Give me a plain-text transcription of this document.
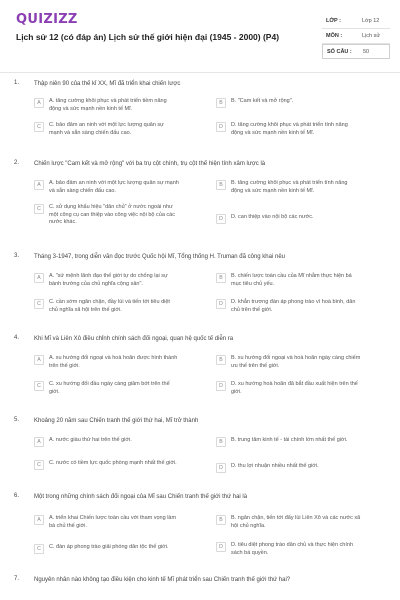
QUIZIZZ
Lịch sử 12 (có đáp án) Lịch sử thế giới hiện đại (1945 - 2000) (P4)
LỚP :	Lớp 12
MÔN :	Lịch sử
SỐ CÂU : 50
1. Thập niên 90 của thế kỉ XX, Mĩ đã triển khai chiến lược
A	A. tăng cường khôi phục và phát triển tiềm năng động và sức mạnh nền kinh tế Mĩ.
B	B. "Cam kết và mở rộng".
C	C. bảo đảm an ninh với một lực lượng quân sự mạnh và sẵn sàng chiến đấu cao.
D	D. tăng cường khôi phục và phát triển tính năng động và sức mạnh nền kinh tế Mĩ.
2. Chiến lược "Cam kết và mở rộng" với ba trụ cột chính, trụ cột thế hiện tính xâm lược là
A	A. bảo đảm an ninh với một lực lượng quân sự mạnh và sẵn sàng chiến đấu cao.
B	B. tăng cường khôi phục và phát triển tính năng động và sức mạnh nền kinh tế Mĩ.
C	C. sử dụng khẩu hiệu "dân chủ" ở nước ngoài như một công cụ can thiệp vào công việc nội bộ của các nước khác.	D	D. can thiệp vào nội bộ các nước.
3. Tháng 3-1947, trong diễn văn đọc trước Quốc hội Mĩ, Tổng thống H. Truman đã công khai nêu
A	A. "sứ mệnh lãnh đạo thế giới tự do chống lại sự bành trướng của chủ nghĩa cộng sản".
B	B. chiến lược toàn cầu của Mĩ nhằm thực hiện bá mục tiêu chủ yếu.
C	C. cần sớm ngăn chặn, đầy lùi và tiến tới tiêu diệt chủ nghĩa xã hội trên thế giới.
D	D. khẳn trương đàn áp phong trào vì hoà bình, dân chủ trên thế giới.
4. Khi Mĩ và Liên Xô điều chỉnh chính sách đối ngoại, quan hệ quốc tế diễn ra
A	A. xu hướng đối ngoại và hoà hoãn được hình thành trên thế giới.
B	B. xu hướng đối ngoại và hoà hoãn ngày càng chiếm ưu thế trên thế giới.
C	C. xu hướng đối đầu ngày càng giảm bớt trên thế giới.
D	D. xu hướng hoà hoãn đã bắt đầu xuất hiện trên thế giới.
5. Khoảng 20 năm sau Chiến tranh thế giới thứ hai, Mĩ trở thành
A	A. nước giàu thứ hai trên thế giới.	B	B. trung tâm kinh tế - tài chính lớn nhất thế giới.
C	C. nước có tiềm lực quốc phòng mạnh nhất thế giới.
D	D. thu lợi nhuận nhiều nhất thế giới.
6. Một trong những chính sách đối ngoại của Mĩ sau Chiến tranh thế giới thứ hai là
A	A. triển khai Chiến lược toàn cầu với tham vọng làm bá chủ thế giới.
B	B. ngăn chặn, tiến tới đẩy lùi Liên Xô và các nước xã hội chủ nghĩa.
C	C. đàn áp phong trào giải phóng dân tộc thế giới.	D	D. tiêu diệt phong trào dân chủ và thực hiện chính sách bá quyền.
7. Nguyên nhân nào không tạo điều kiện cho kinh tế Mĩ phát triển sau Chiến tranh thế giới thứ hai?
